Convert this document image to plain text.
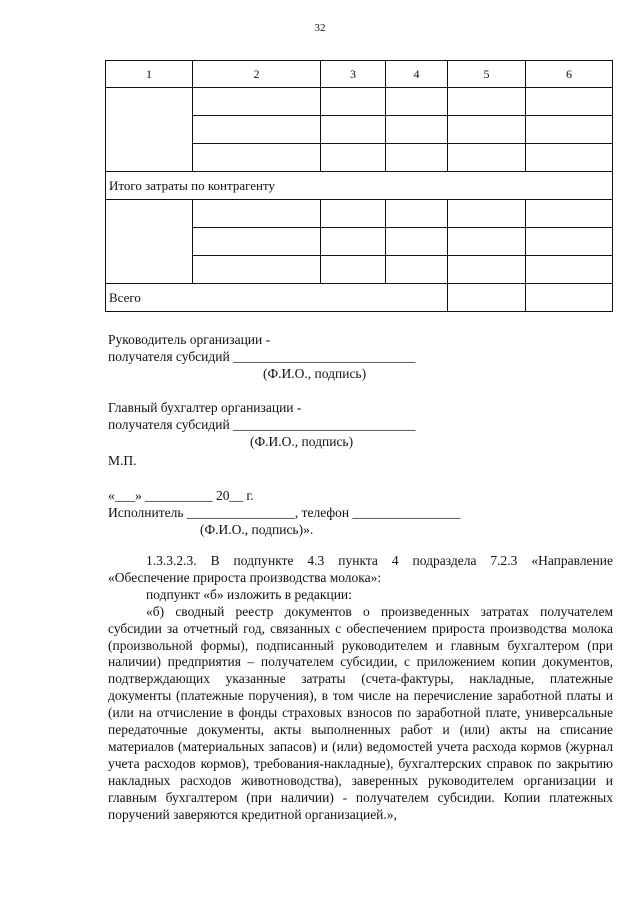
32
1	2	3	4	5	6

Итого затраты по контрагенту					

Всего					
Руководитель организации -
получателя субсидий ___________________________
(Ф.И.О., подпись)
Главный бухгалтер организации -
получателя субсидий ___________________________
(Ф.И.О., подпись)
М.П.
«___» __________ 20__ г.
Исполнитель ________________, телефон ________________
(Ф.И.О., подпись)».

1.3.3.2.3. В подпункте 4.3 пункта 4 подраздела 7.2.3 «Направление «Обеспечение прироста производства молока»:

подпункт «б» изложить в редакции:

«б) сводный реестр документов о произведенных затратах получателем субсидии за отчетный год, связанных с обеспечением прироста производства молока (произвольной формы), подписанный руководителем и главным бухгалтером (при наличии) предприятия – получателем субсидии, с приложением копии документов, подтверждающих указанные затраты (счета-фактуры, накладные, платежные документы (платежные поручения), в том числе на перечисление заработной платы и (или на отчисление в фонды страховых взносов по заработной плате, универсальные передаточные документы, акты выполненных работ и (или) акты на списание материалов (материальных запасов) и (или) ведомостей учета расхода кормов (журнал учета расходов кормов), требования-накладные), бухгалтерских справок по закрытию накладных расходов животноводства), заверенных руководителем организации и главным бухгалтером (при наличии) - получателем субсидии. Копии платежных поручений заверяются кредитной организацией.»,
